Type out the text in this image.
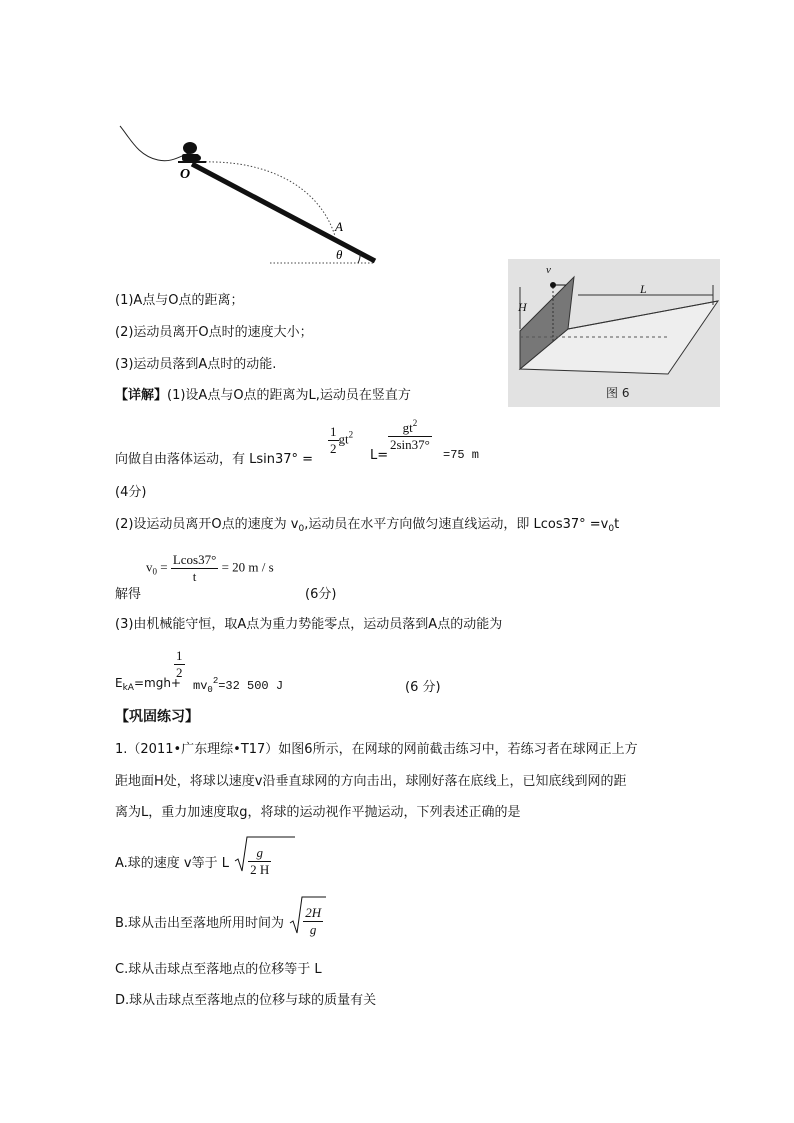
O
A
θ
v
H
L
图 6
(1)A点与O点的距离；
(2)运动员离开O点时的速度大小；
(3)运动员落到A点时的动能.
【详解】(1)设A点与O点的距离为L,运动员在竖直方
向做自由落体运动，有 Lsin37° =
$\frac{1}{2} gt^2$
L=
$\frac{gt^2}{2\sin 37^\circ}$
=75 m
(4分)
(2)设运动员离开O点的速度为 $v_0$,运动员在水平方向做匀速直线运动，即 $Lcos37^\circ =v_0t$
$v_0 = \frac{Lcos37^\circ}{t} = 20$ m / s
解得	(6分)
(3)由机械能守恒，取A点为重力势能零点，运动员落到A点的动能为
$E_{kA}=mgh+$
$\frac{1}{2}$
$mv_0^2=32$ 500 J	(6 分)
【巩固练习】
1.（2011•广东理综•T17）如图6所示，在网球的网前截击练习中，若练习者在球网正上方
距地面H处，将球以速度v沿垂直球网的方向击出，球刚好落在底线上，已知底线到网的距
离为L，重力加速度取g，将球的运动视作平抛运动，下列表述正确的是
A.球的速度 v等于 L $\frac{g}{2 H}$
B.球从击出至落地所用时间为 $\frac{2H}{g}$
C.球从击球点至落地点的位移等于 L
D.球从击球点至落地点的位移与球的质量有关
